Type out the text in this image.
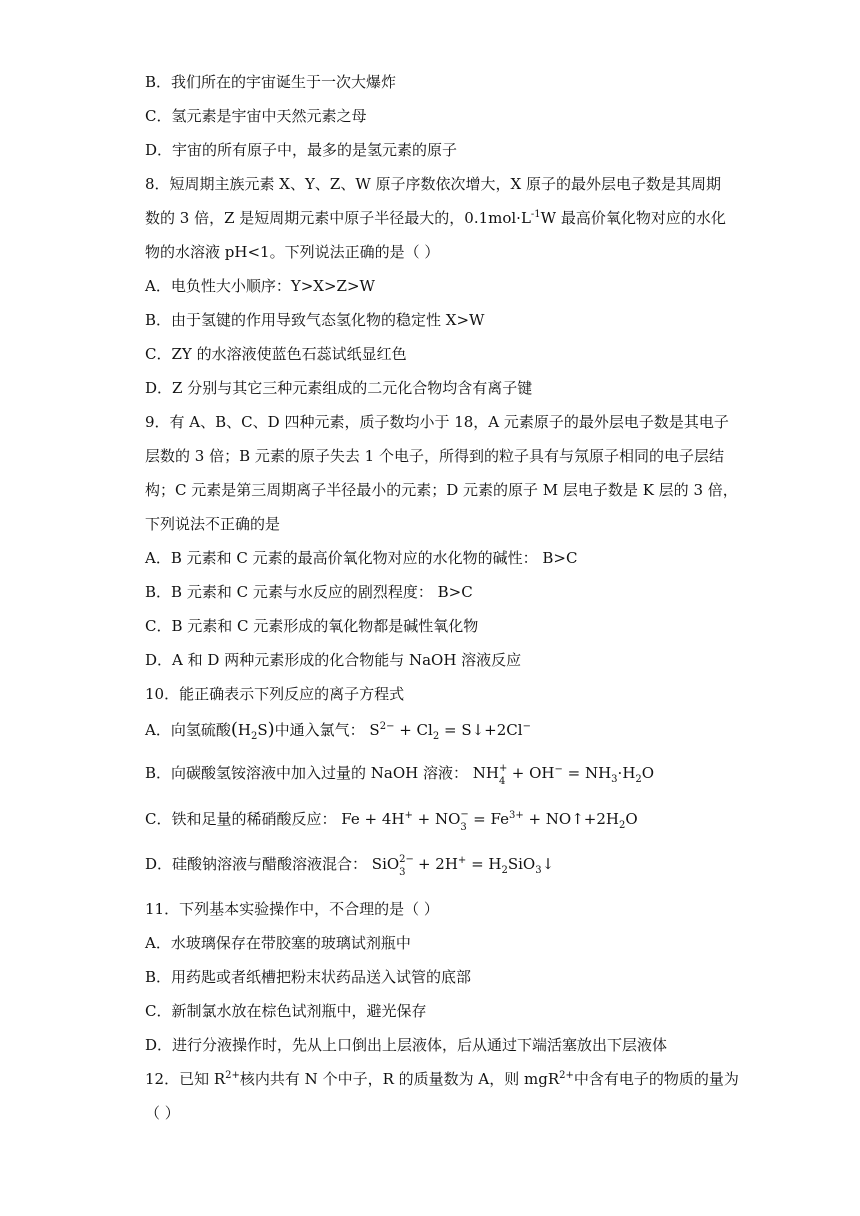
B．我们所在的宇宙诞生于一次大爆炸
C．氢元素是宇宙中天然元素之母
D．宇宙的所有原子中，最多的是氢元素的原子
8．短周期主族元素 X、Y、Z、W 原子序数依次增大，X 原子的最外层电子数是其周期
数的 3 倍，Z 是短周期元素中原子半径最大的，$0.1mol\cdot L^{-1}W$ 最高价氧化物对应的水化
物的水溶液 pH<1。下列说法正确的是（ ）
A．电负性大小顺序：Y>X>Z>W
B．由于氢键的作用导致气态氢化物的稳定性 X>W
C．ZY 的水溶液使蓝色石蕊试纸显红色
D．Z 分别与其它三种元素组成的二元化合物均含有离子键
9．有 A、B、C、D 四种元素，质子数均小于 18，A 元素原子的最外层电子数是其电子
层数的 3 倍；B 元素的原子失去 1 个电子，所得到的粒子具有与氖原子相同的电子层结
构；C 元素是第三周期离子半径最小的元素；D 元素的原子 M 层电子数是 K 层的 3 倍，
下列说法不正确的是
A．B 元素和 C 元素的最高价氧化物对应的水化物的碱性： B>C
B．B 元素和 C 元素与水反应的剧烈程度： B>C
C．B 元素和 C 元素形成的氧化物都是碱性氧化物
D．A 和 D 两种元素形成的化合物能与 NaOH 溶液反应
10．能正确表示下列反应的离子方程式
A．向氢硫酸$(H_2S)$中通入氯气： $S^{2-} + Cl_2$ = S↓+2Cl−
B．向碳酸氢铵溶液中加入过量的 NaOH 溶液： NH +
$4 + OH^- = NH_3\cdot H_2O$
C．铁和足量的稀硝酸反应： Fe + 4H+ + NO −
$3 = Fe^{3+}$ + $NO↑+2H_2O$
D．硅酸钠溶液与醋酸溶液混合： SiO 2−
$3 + 2H^+ = H_2SiO_3↓$
11．下列基本实验操作中，不合理的是（ ）
A．水玻璃保存在带胶塞的玻璃试剂瓶中
B．用药匙或者纸槽把粉末状药品送入试管的底部
C．新制氯水放在棕色试剂瓶中，避光保存
D．进行分液操作时，先从上口倒出上层液体，后从通过下端活塞放出下层液体
12．已知 $R^{2+}$核内共有 N 个中子，R 的质量数为 A，则 mgR$^{2+}$中含有电子的物质的量为
（ ）
